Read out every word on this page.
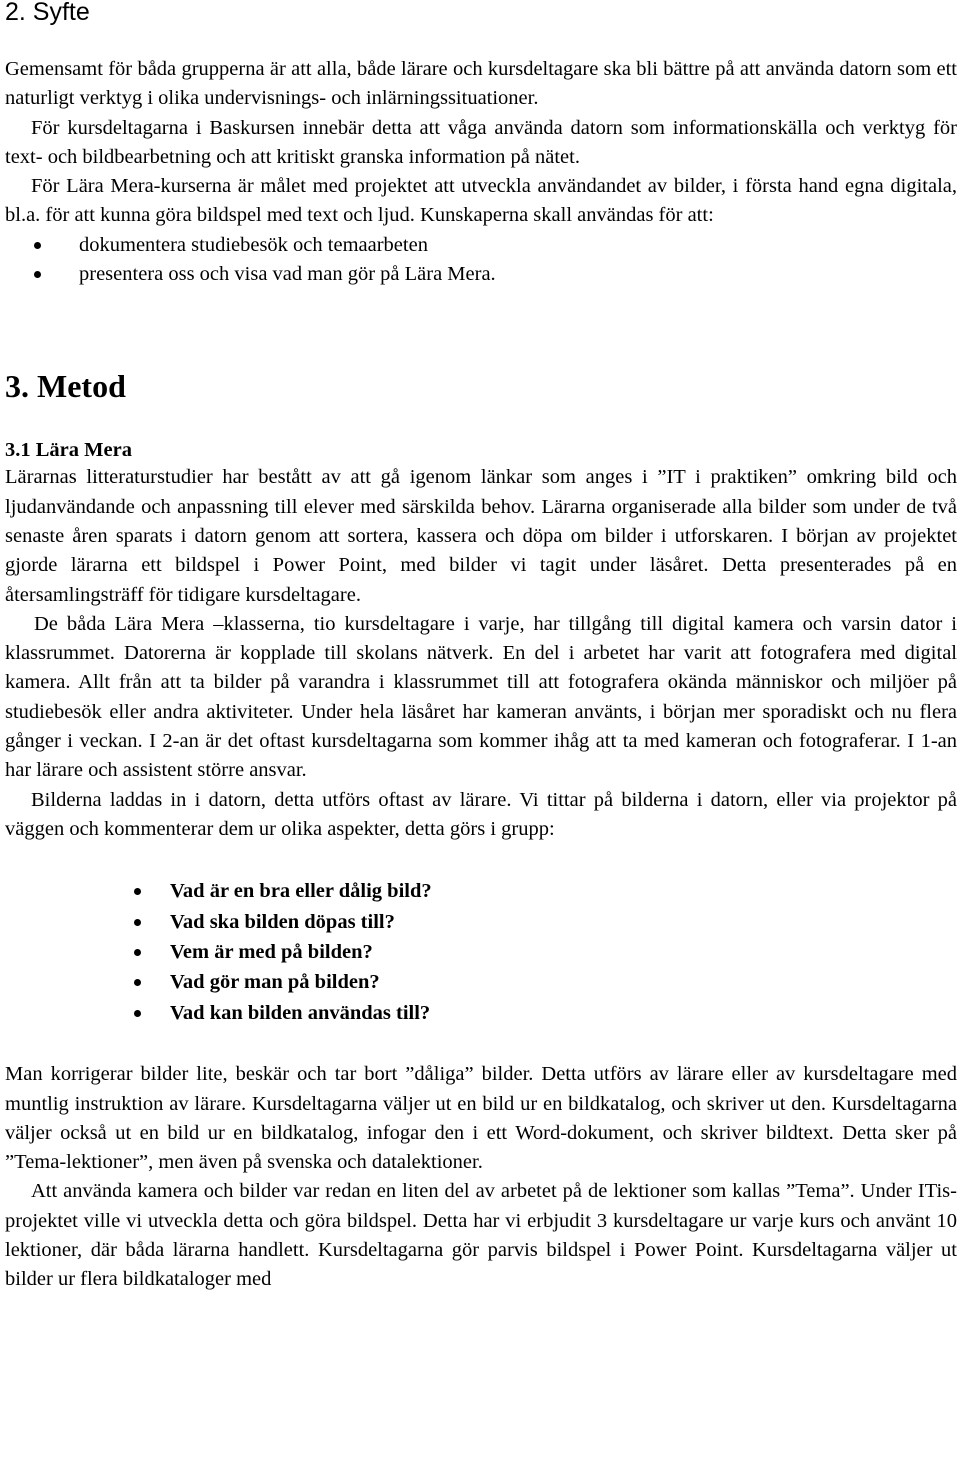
2. Syfte

Gemensamt för båda grupperna är att alla, både lärare och kursdeltagare ska bli bättre på att använda datorn som ett naturligt verktyg i olika undervisnings- och inlärningssituationer.

För kursdeltagarna i Baskursen innebär detta att våga använda datorn som informationskälla och verktyg för text- och bildbearbetning och att kritiskt granska information på nätet.

För Lära Mera-kurserna är målet med projektet att utveckla användandet av bilder, i första hand egna digitala, bl.a. för att kunna göra bildspel med text och ljud. Kunskaperna skall användas för att:

dokumentera studiebesök och temaarbeten
presentera oss och visa vad man gör på Lära Mera.
3. Metod
3.1 Lära Mera

Lärarnas litteraturstudier har bestått av att gå igenom länkar som anges i ”IT i praktiken” omkring bild och ljudanvändande och anpassning till elever med särskilda behov. Lärarna organiserade alla bilder som under de två senaste åren sparats i datorn genom att sortera, kassera och döpa om bilder i utforskaren. I början av projektet gjorde lärarna ett bildspel i Power Point, med bilder vi tagit under läsåret. Detta presenterades på en återsamlingsträff för tidigare kursdeltagare.

De båda Lära Mera –klasserna, tio kursdeltagare i varje, har tillgång till digital kamera och varsin dator i klassrummet. Datorerna är kopplade till skolans nätverk. En del i arbetet har varit att fotografera med digital kamera. Allt från att ta bilder på varandra i klassrummet till att fotografera okända människor och miljöer på studiebesök eller andra aktiviteter. Under hela läsåret har kameran använts, i början mer sporadiskt och nu flera gånger i veckan. I 2-an är det oftast kursdeltagarna som kommer ihåg att ta med kameran och fotograferar. I 1-an har lärare och assistent större ansvar.

Bilderna laddas in i datorn, detta utförs oftast av lärare. Vi tittar på bilderna i datorn, eller via projektor på väggen och kommenterar dem ur olika aspekter, detta görs i grupp:

Vad är en bra eller dålig bild?
Vad ska bilden döpas till?
Vem är med på bilden?
Vad gör man på bilden?
Vad kan bilden användas till?

Man korrigerar bilder lite, beskär och tar bort ”dåliga” bilder. Detta utförs av lärare eller av kursdeltagare med muntlig instruktion av lärare. Kursdeltagarna väljer ut en bild ur en bildkatalog, och skriver ut den. Kursdeltagarna väljer också ut en bild ur en bildkatalog, infogar den i ett Word-dokument, och skriver bildtext. Detta sker på ”Tema-lektioner”, men även på svenska och datalektioner.

Att använda kamera och bilder var redan en liten del av arbetet på de lektioner som kallas ”Tema”. Under ITis-projektet ville vi utveckla detta och göra bildspel. Detta har vi erbjudit 3 kursdeltagare ur varje kurs och använt 10 lektioner, där båda lärarna handlett. Kursdeltagarna gör parvis bildspel i Power Point. Kursdeltagarna väljer ut bilder ur flera bildkataloger med
